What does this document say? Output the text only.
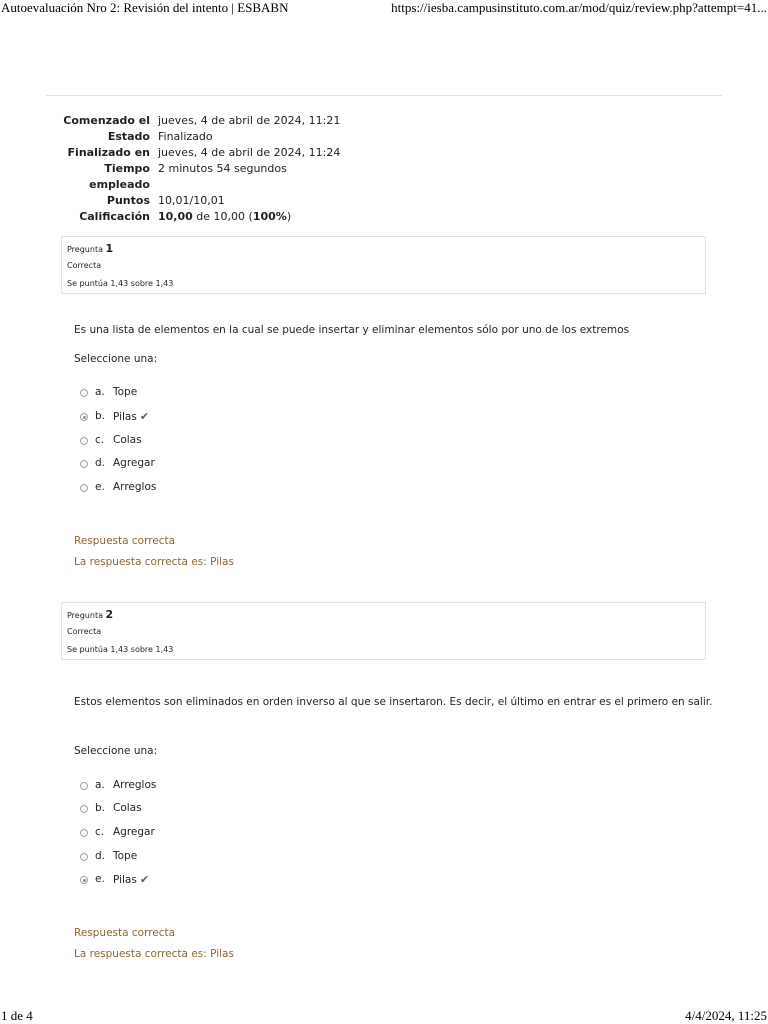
Autoevaluación Nro 2: Revisión del intento | ESBABN	https://iesba.campusinstituto.com.ar/mod/quiz/review.php?attempt=41...
Comenzado el	jueves, 4 de abril de 2024, 11:21
Estado	Finalizado
Finalizado en	jueves, 4 de abril de 2024, 11:24
Tiempo
empleado	2 minutos 54 segundos
Puntos	10,01/10,01
Calificación	10,00 de 10,00 (100%)
Pregunta 1
Correcta
Se puntúa 1,43 sobre 1,43
Es una lista de elementos en la cual se puede insertar y eliminar elementos sólo por uno de los extremos
Seleccione una:
a. Tope
b. Pilas ✔
c. Colas
d. Agregar
e. Arreglos
Respuesta correcta
La respuesta correcta es: Pilas
Pregunta 2
Correcta
Se puntúa 1,43 sobre 1,43
Estos elementos son eliminados en orden inverso al que se insertaron. Es decir, el último en entrar es el primero en salir.
Seleccione una:
a. Arreglos
b. Colas
c. Agregar
d. Tope
e. Pilas ✔
Respuesta correcta
La respuesta correcta es: Pilas
1 de 4	4/4/2024, 11:25
